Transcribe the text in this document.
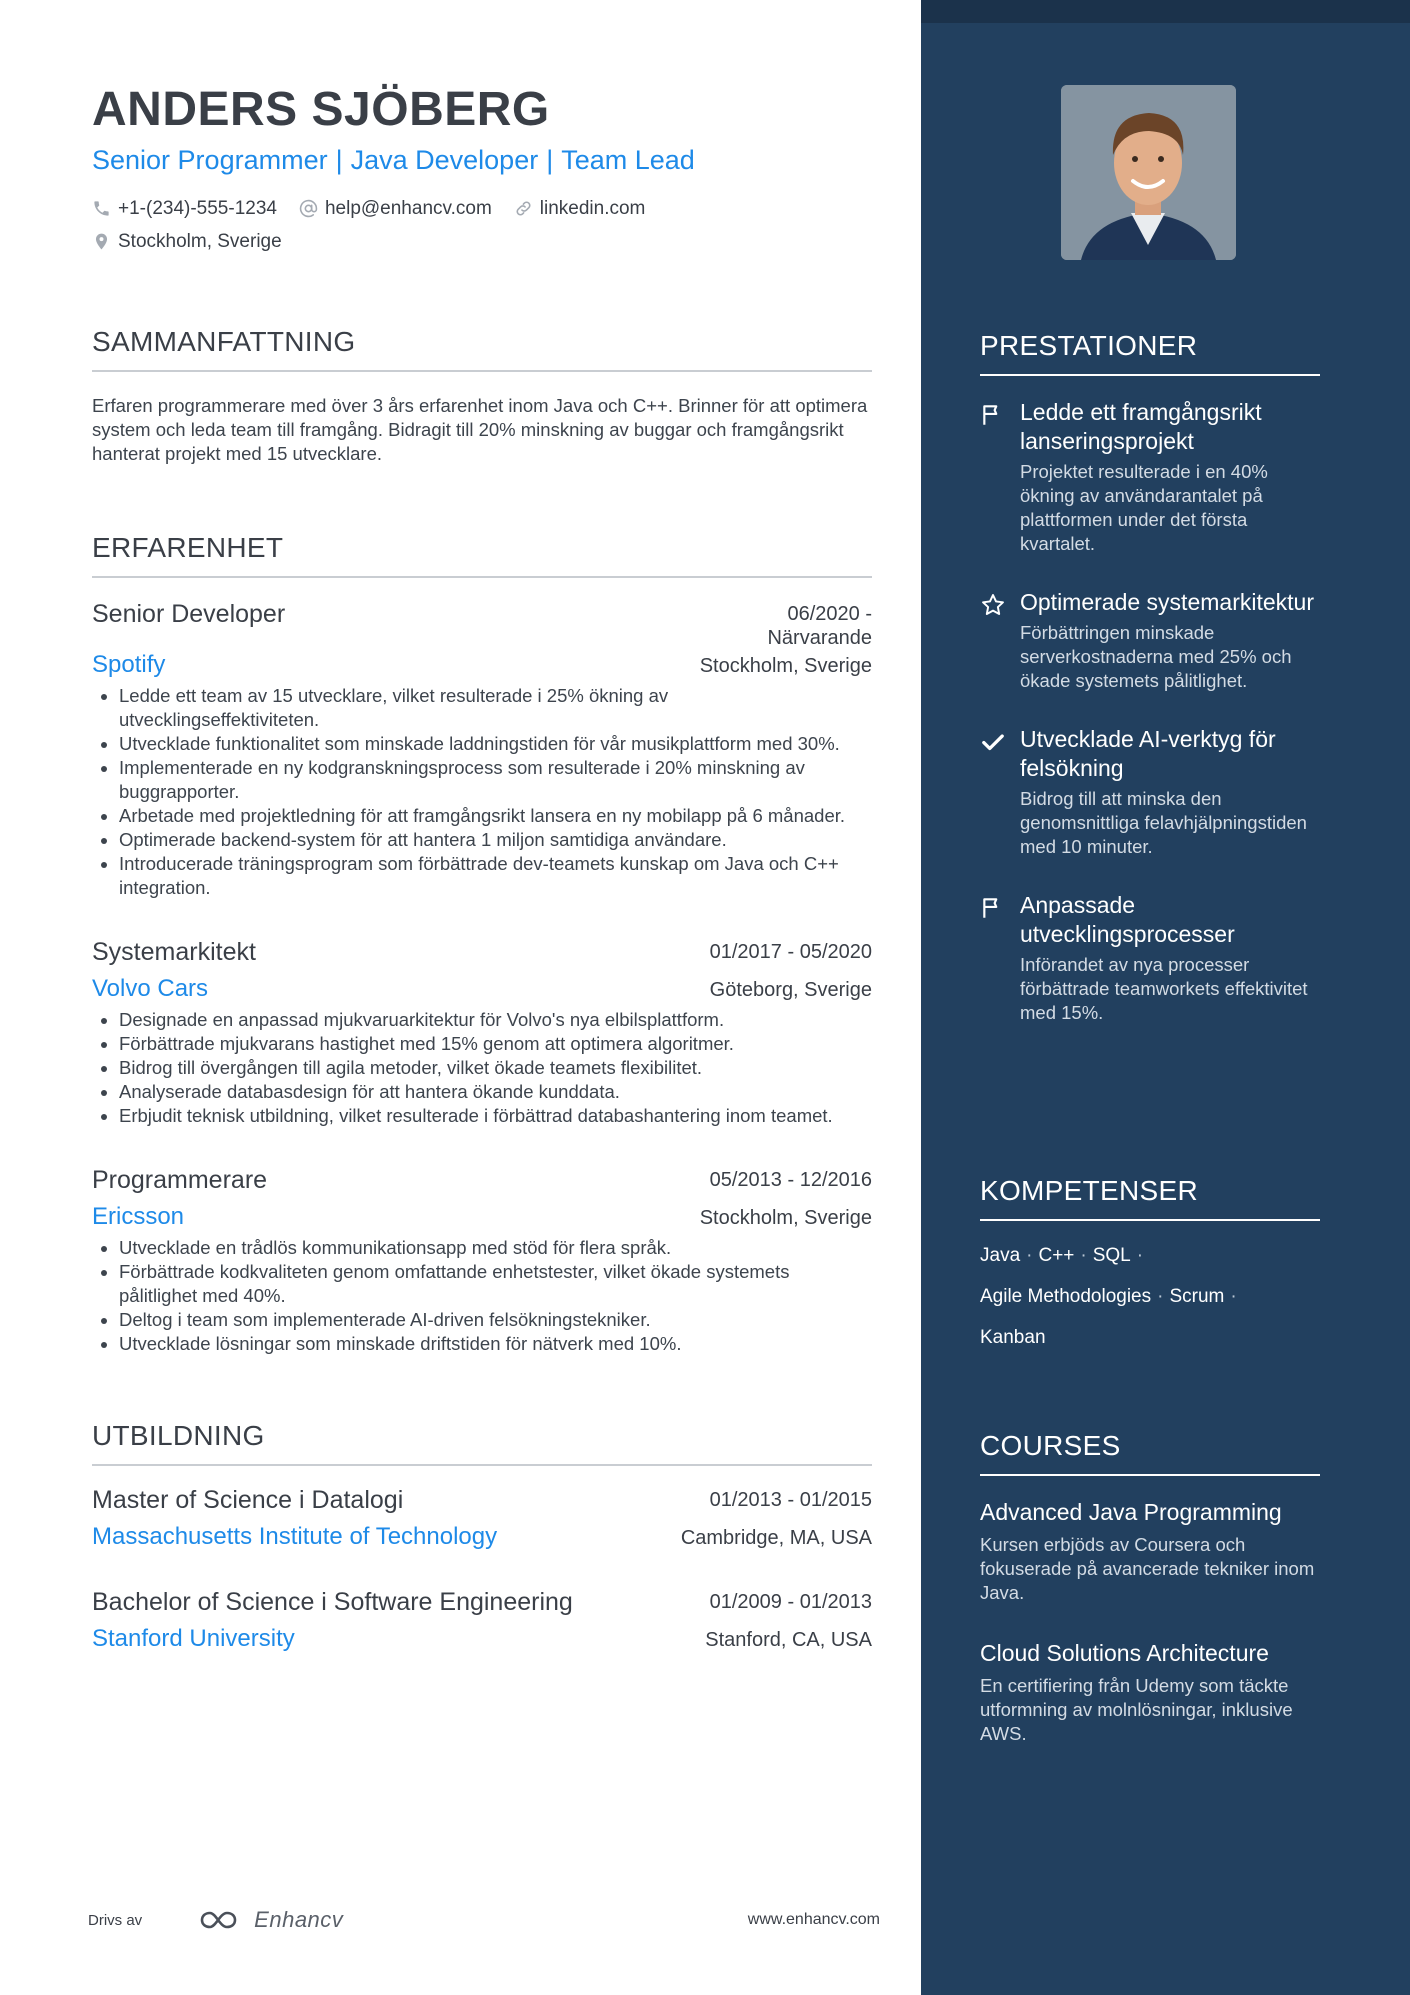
ANDERS SJÖBERG
Senior Programmer | Java Developer | Team Lead
+1-(234)-555-1234	help@enhancv.com	linkedin.com
Stockholm, Sverige
SAMMANFATTNING

Erfaren programmerare med över 3 års erfarenhet inom Java och C++. Brinner för att optimera system och leda team till framgång. Bidragit till 20% minskning av buggar och framgångsrikt hanterat projekt med 15 utvecklare.

ERFARENHET
Senior Developer	06/2020 -
Närvarande
Spotify	Stockholm, Sverige
• Ledde ett team av 15 utvecklare, vilket resulterade i 25% ökning av utvecklingseffektiviteten.
• Utvecklade funktionalitet som minskade laddningstiden för vår musikplattform med 30%.
• Implementerade en ny kodgranskningsprocess som resulterade i 20% minskning av buggrapporter.
• Arbetade med projektledning för att framgångsrikt lansera en ny mobilapp på 6 månader.
• Optimerade backend-system för att hantera 1 miljon samtidiga användare.
• Introducerade träningsprogram som förbättrade dev-teamets kunskap om Java och C++ integration.
Systemarkitekt	01/2017 - 05/2020
Volvo Cars	Göteborg, Sverige
• Designade en anpassad mjukvaruarkitektur för Volvo's nya elbilsplattform.
• Förbättrade mjukvarans hastighet med 15% genom att optimera algoritmer.
• Bidrog till övergången till agila metoder, vilket ökade teamets flexibilitet.
• Analyserade databasdesign för att hantera ökande kunddata.
• Erbjudit teknisk utbildning, vilket resulterade i förbättrad databashantering inom teamet.
Programmerare	05/2013 - 12/2016
Ericsson	Stockholm, Sverige
• Utvecklade en trådlös kommunikationsapp med stöd för flera språk.
• Förbättrade kodkvaliteten genom omfattande enhetstester, vilket ökade systemets pålitlighet med 40%.
• Deltog i team som implementerade AI-driven felsökningstekniker.
• Utvecklade lösningar som minskade driftstiden för nätverk med 10%.
UTBILDNING
Master of Science i Datalogi	01/2013 - 01/2015
Massachusetts Institute of Technology	Cambridge, MA, USA
Bachelor of Science i Software Engineering	01/2009 - 01/2013
Stanford University	Stanford, CA, USA
PRESTATIONER
Ledde ett framgångsrikt lanseringsprojekt
Projektet resulterade i en 40% ökning av användarantalet på plattformen under det första kvartalet.
Optimerade systemarkitektur
Förbättringen minskade serverkostnaderna med 25% och ökade systemets pålitlighet.
Utvecklade AI-verktyg för felsökning
Bidrog till att minska den genomsnittliga felavhjälpningstiden med 10 minuter.
Anpassade utvecklingsprocesser
Införandet av nya processer förbättrade teamworkets effektivitet med 15%.
KOMPETENSER
Java · C++ · SQL ·
Agile Methodologies · Scrum ·
Kanban
COURSES
Advanced Java Programming
Kursen erbjöds av Coursera och fokuserade på avancerade tekniker inom Java.
Cloud Solutions Architecture
En certifiering från Udemy som täckte utformning av molnlösningar, inklusive AWS.
Drivs av	Enhancv	www.enhancv.com
